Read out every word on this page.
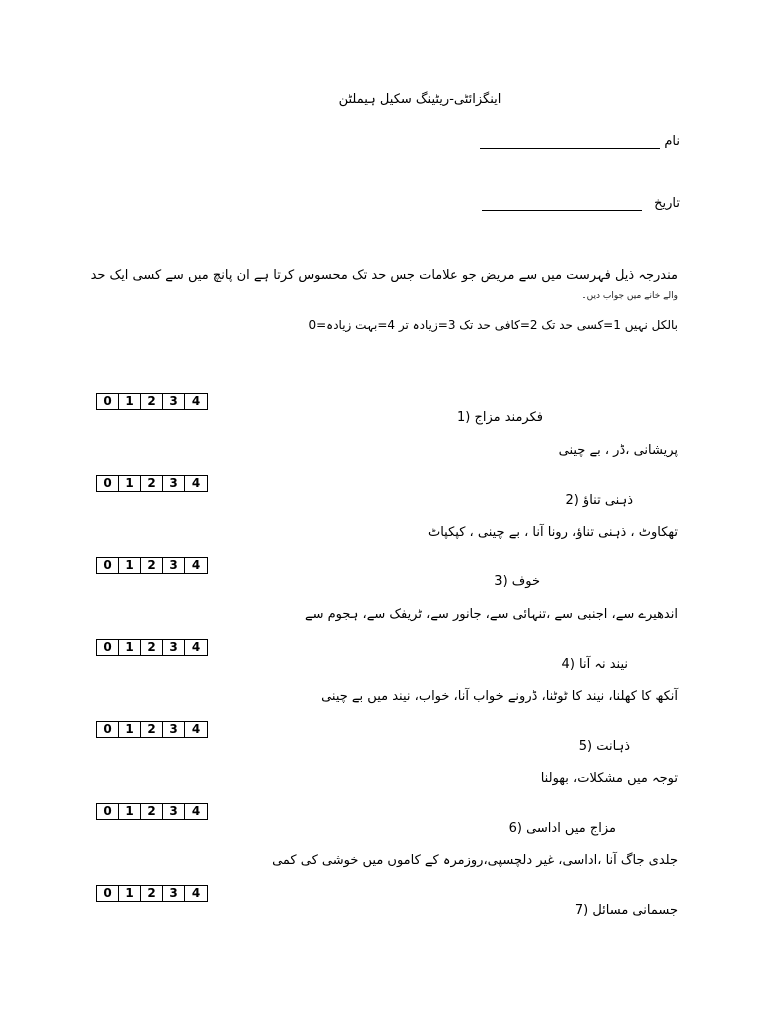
اینگزائٹی-ریٹینگ سکیل ہیملٹن
نام
تاریخ
مندرجہ ذیل فہرست میں سے مریض جو علامات جس حد تک محسوس کرتا ہے ان پانچ میں سے کسی ایک حد
والے خانے میں جواب دیں۔
بالکل نہیں 1=کسی حد تک 2=کافی حد تک 3=زیادہ تر 4=بہت زیادہ=0
0	1	2	3	4
فکرمند مزاج (1
پریشانی ،ڈر ، بے چینی
0	1	2	3	4
ذہنی تناؤ (2
تھکاوٹ ، ذہنی تناؤ، رونا آنا ، بے چینی ، کپکپاٹ
0	1	2	3	4
خوف (3
اندھیرے سے، اجنبی سے ،تنہائی سے، جانور سے، ٹریفک سے، ہجوم سے
0	1	2	3	4
نیند نہ آنا (4
آنکھ کا کھلنا، نیند کا ٹوٹنا، ڈرونے خواب آنا، خواب، نیند میں بے چینی
0	1	2	3	4
ذہانت (5
توجہ میں مشکلات، بھولنا
0	1	2	3	4
مزاج میں اداسی (6
جلدی جاگ آنا ،اداسی، غیر دلچسپی،روزمرہ کے کاموں میں خوشی کی کمی
0	1	2	3	4
جسمانی مسائل (7
